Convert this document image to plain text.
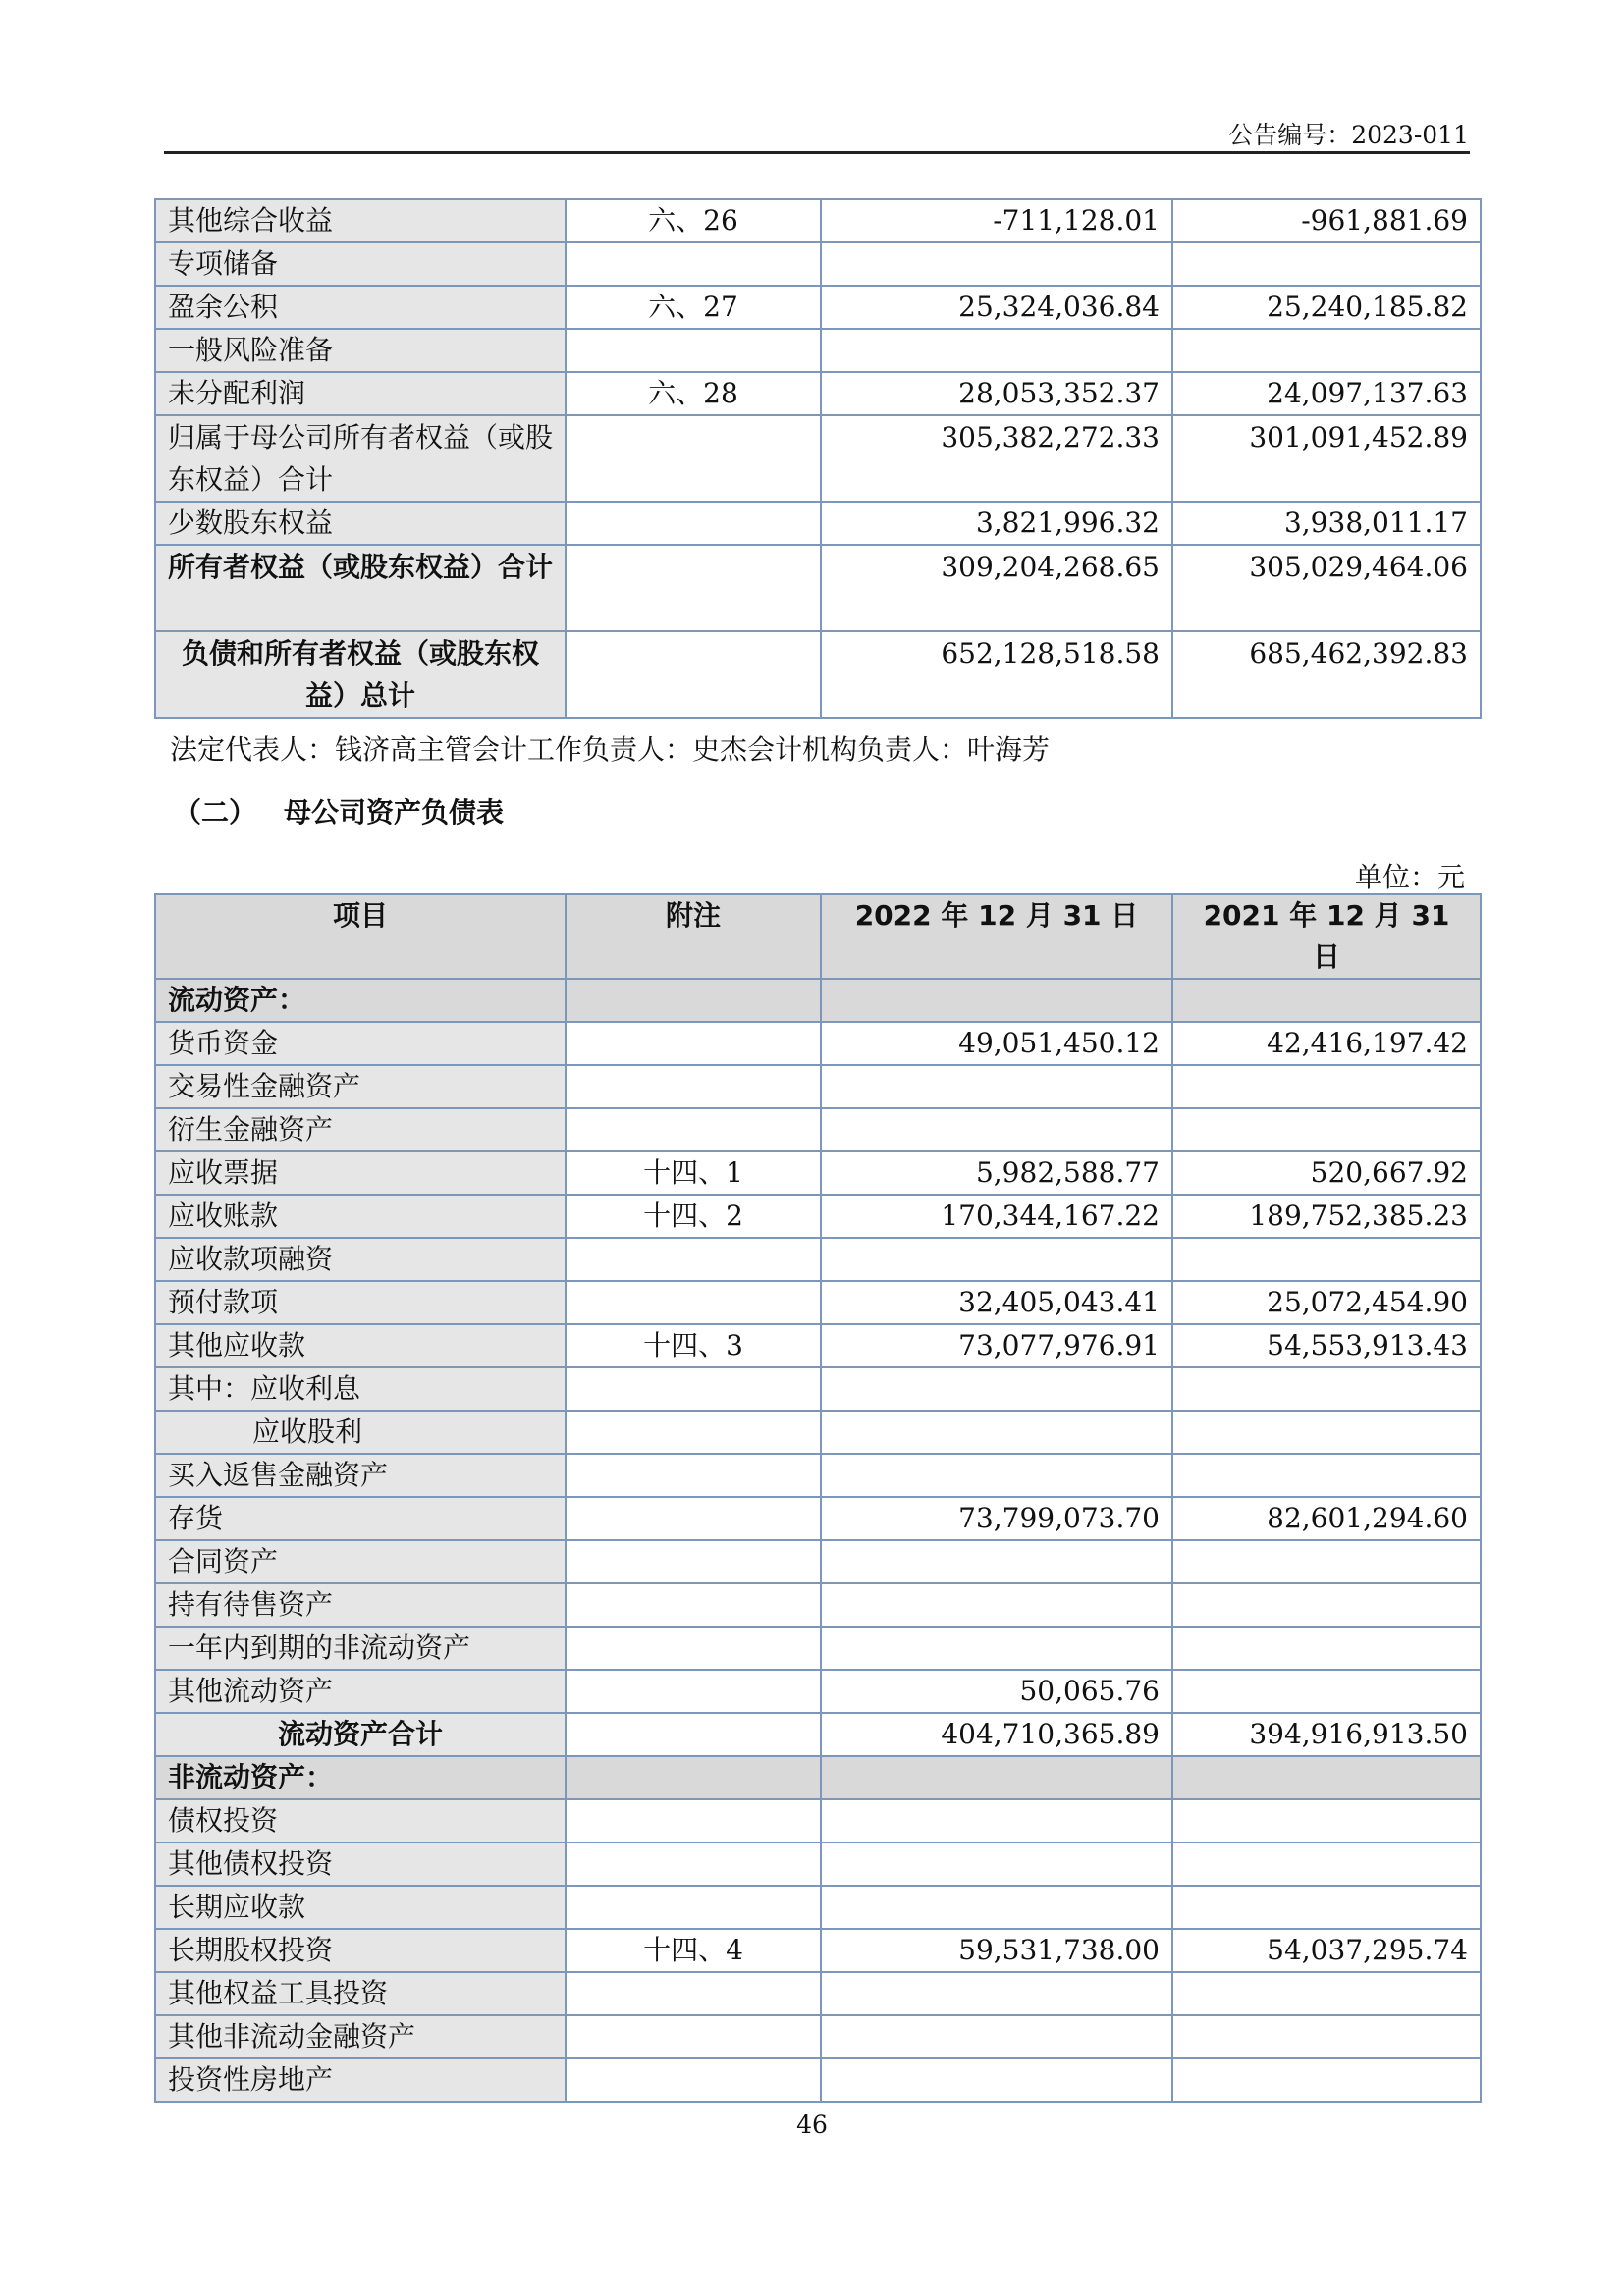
公告编号：2023-011
其他综合收益	六、26	-711,128.01	-961,881.69
专项储备			
盈余公积	六、27	25,324,036.84	25,240,185.82
一般风险准备			
未分配利润	六、28	28,053,352.37	24,097,137.63
归属于母公司所有者权益（或股东权益）合计		305,382,272.33	301,091,452.89
少数股东权益		3,821,996.32	3,938,011.17
所有者权益（或股东权益）合计		309,204,268.65	305,029,464.06
负债和所有者权益（或股东权益）总计		652,128,518.58	685,462,392.83
法定代表人：钱济高主管会计工作负责人：史杰会计机构负责人：叶海芳
（二） 母公司资产负债表
单位：元
项目	附注	2022 年 12 月 31 日	2021 年 12 月 31 日
流动资产：			
货币资金		49,051,450.12	42,416,197.42
交易性金融资产			
衍生金融资产			
应收票据	十四、1	5,982,588.77	520,667.92
应收账款	十四、2	170,344,167.22	189,752,385.23
应收款项融资			
预付款项		32,405,043.41	25,072,454.90
其他应收款	十四、3	73,077,976.91	54,553,913.43
其中：应收利息			
应收股利			
买入返售金融资产			
存货		73,799,073.70	82,601,294.60
合同资产			
持有待售资产			
一年内到期的非流动资产			
其他流动资产		50,065.76	
流动资产合计		404,710,365.89	394,916,913.50
非流动资产：			
债权投资			
其他债权投资			
长期应收款			
长期股权投资	十四、4	59,531,738.00	54,037,295.74
其他权益工具投资			
其他非流动金融资产			
投资性房地产			
46
